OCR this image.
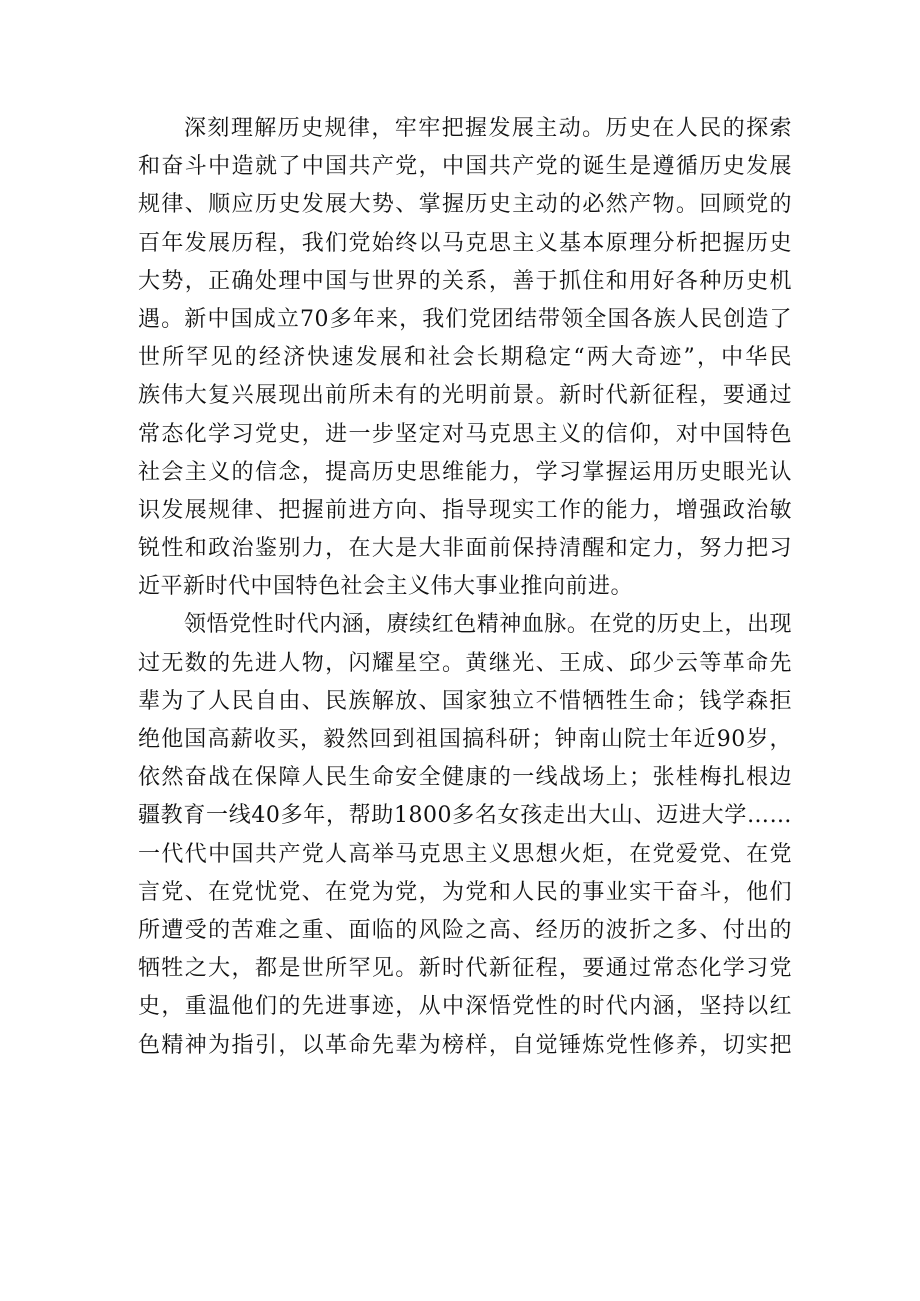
深刻理解历史规律，牢牢把握发展主动。历史在人民的探索
和奋斗中造就了中国共产党，中国共产党的诞生是遵循历史发展
规律、顺应历史发展大势、掌握历史主动的必然产物。回顾党的
百年发展历程，我们党始终以马克思主义基本原理分析把握历史
大势，正确处理中国与世界的关系，善于抓住和用好各种历史机
遇。新中国成立70多年来，我们党团结带领全国各族人民创造了
世所罕见的经济快速发展和社会长期稳定“两大奇迹”，中华民
族伟大复兴展现出前所未有的光明前景。新时代新征程，要通过
常态化学习党史，进一步坚定对马克思主义的信仰，对中国特色
社会主义的信念，提高历史思维能力，学习掌握运用历史眼光认
识发展规律、把握前进方向、指导现实工作的能力，增强政治敏
锐性和政治鉴别力，在大是大非面前保持清醒和定力，努力把习
近平新时代中国特色社会主义伟大事业推向前进。
领悟党性时代内涵，赓续红色精神血脉。在党的历史上，出现
过无数的先进人物，闪耀星空。黄继光、王成、邱少云等革命先
辈为了人民自由、民族解放、国家独立不惜牺牲生命；钱学森拒
绝他国高薪收买，毅然回到祖国搞科研；钟南山院士年近90岁，
依然奋战在保障人民生命安全健康的一线战场上；张桂梅扎根边
疆教育一线40多年，帮助1800多名女孩走出大山、迈进大学……
一代代中国共产党人高举马克思主义思想火炬，在党爱党、在党
言党、在党忧党、在党为党，为党和人民的事业实干奋斗，他们
所遭受的苦难之重、面临的风险之高、经历的波折之多、付出的
牺牲之大，都是世所罕见。新时代新征程，要通过常态化学习党
史，重温他们的先进事迹，从中深悟党性的时代内涵，坚持以红
色精神为指引，以革命先辈为榜样，自觉锤炼党性修养，切实把
